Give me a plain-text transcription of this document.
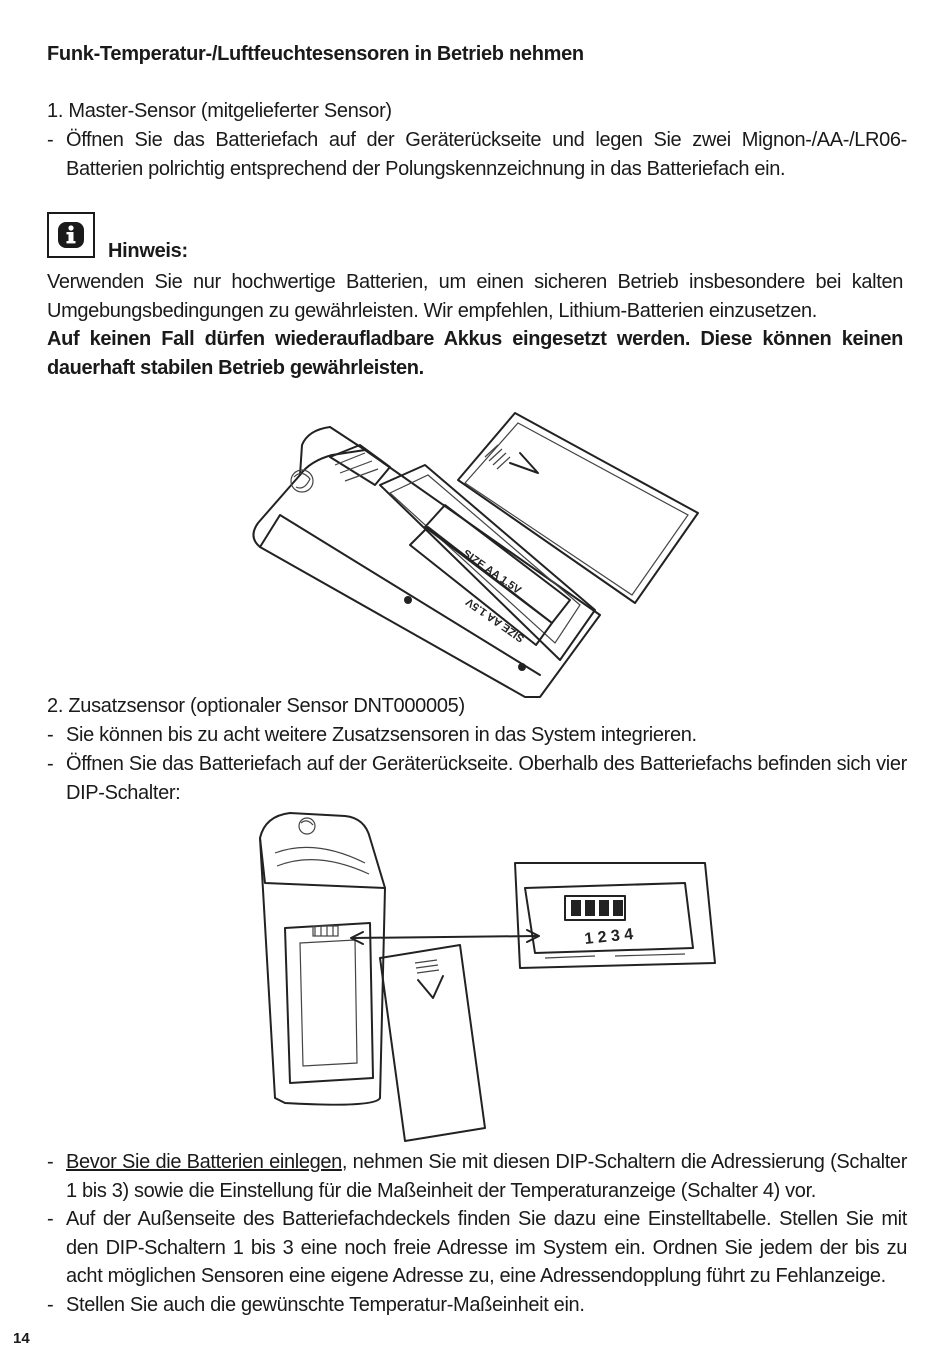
Funk-Temperatur-/Luftfeuchtesensoren in Betrieb nehmen
1. Master-Sensor (mitgelieferter Sensor)
- Öffnen Sie das Batteriefach auf der Geräterückseite und legen Sie zwei Mignon-/AA-/LR06-Batterien polrichtig entsprechend der Polungskennzeichnung in das Batteriefach ein.
Hinweis:
Verwenden Sie nur hochwertige Batterien, um einen sicheren Betrieb insbesondere bei kalten Umgebungsbedingungen zu gewährleisten. Wir empfehlen, Lithium-Batterien einzusetzen.
Auf keinen Fall dürfen wiederaufladbare Akkus eingesetzt werden. Diese können keinen dauerhaft stabilen Betrieb gewährleisten.
SIZE AA 1.5V
SIZE AA 1.5V
2. Zusatzsensor (optionaler Sensor DNT000005)
- Sie können bis zu acht weitere Zusatzsensoren in das System integrieren.
- Öffnen Sie das Batteriefach auf der Geräterückseite. Oberhalb des Batteriefachs befinden sich vier DIP-Schalter:
1 2 3 4
- Bevor Sie die Batterien einlegen, nehmen Sie mit diesen DIP-Schaltern die Adressierung (Schalter 1 bis 3) sowie die Einstellung für die Maßeinheit der Temperaturanzeige (Schalter 4) vor.
- Auf der Außenseite des Batteriefachdeckels finden Sie dazu eine Einstelltabelle. Stellen Sie mit den DIP-Schaltern 1 bis 3 eine noch freie Adresse im System ein. Ordnen Sie jedem der bis zu acht möglichen Sensoren eine eigene Adresse zu, eine Adressendopplung führt zu Fehlanzeige.
- Stellen Sie auch die gewünschte Temperatur-Maßeinheit ein.
14
